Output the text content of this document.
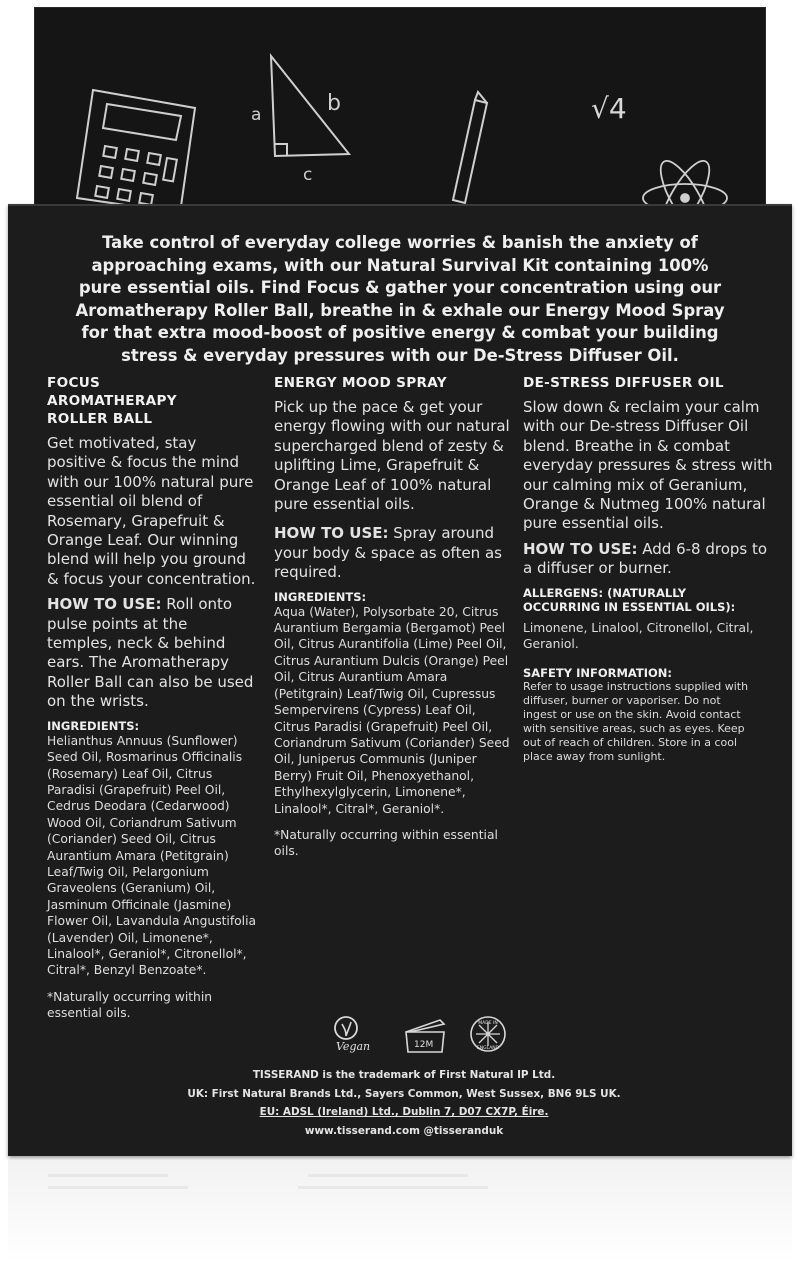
a	b
c
√4
Take control of everyday college worries & banish the anxiety of approaching exams, with our Natural Survival Kit containing 100% pure essential oils. Find Focus & gather your concentration using our Aromatherapy Roller Ball, breathe in & exhale our Energy Mood Spray for that extra mood-boost of positive energy & combat your building stress & everyday pressures with our De-Stress Diffuser Oil.
FOCUS
AROMATHERAPY
ROLLER BALL
Get motivated, stay positive & focus the mind with our 100% natural pure essential oil blend of Rosemary, Grapefruit & Orange Leaf. Our winning blend will help you ground & focus your concentration.
HOW TO USE: Roll onto pulse points at the temples, neck & behind ears. The Aromatherapy Roller Ball can also be used on the wrists.
INGREDIENTS:
Helianthus Annuus (Sunflower) Seed Oil, Rosmarinus Officinalis (Rosemary) Leaf Oil, Citrus Paradisi (Grapefruit) Peel Oil, Cedrus Deodara (Cedarwood) Wood Oil, Coriandrum Sativum (Coriander) Seed Oil, Citrus Aurantium Amara (Petitgrain) Leaf/Twig Oil, Pelargonium Graveolens (Geranium) Oil, Jasminum Officinale (Jasmine) Flower Oil, Lavandula Angustifolia (Lavender) Oil, Limonene*, Linalool*, Geraniol*, Citronellol*, Citral*, Benzyl Benzoate*.
*Naturally occurring within essential oils.
ENERGY MOOD SPRAY
Pick up the pace & get your energy flowing with our natural supercharged blend of zesty & uplifting Lime, Grapefruit & Orange Leaf of 100% natural pure essential oils.
HOW TO USE: Spray around your body & space as often as required.
INGREDIENTS:
Aqua (Water), Polysorbate 20, Citrus Aurantium Bergamia (Bergamot) Peel Oil, Citrus Aurantifolia (Lime) Peel Oil, Citrus Aurantium Dulcis (Orange) Peel Oil, Citrus Aurantium Amara (Petitgrain) Leaf/Twig Oil, Cupressus Sempervirens (Cypress) Leaf Oil, Citrus Paradisi (Grapefruit) Peel Oil, Coriandrum Sativum (Coriander) Seed Oil, Juniperus Communis (Juniper Berry) Fruit Oil, Phenoxyethanol, Ethylhexylglycerin, Limonene*, Linalool*, Citral*, Geraniol*.
*Naturally occurring within essential oils.
DE-STRESS DIFFUSER OIL
Slow down & reclaim your calm with our De-stress Diffuser Oil blend. Breathe in & combat everyday pressures & stress with our calming mix of Geranium, Orange & Nutmeg 100% natural pure essential oils.
HOW TO USE: Add 6-8 drops to a diffuser or burner.
ALLERGENS: (NATURALLY OCCURRING IN ESSENTIAL OILS):
Limonene, Linalool, Citronellol, Citral, Geraniol.
SAFETY INFORMATION:
Refer to usage instructions supplied with diffuser, burner or vaporiser. Do not ingest or use on the skin. Avoid contact with sensitive areas, such as eyes. Keep out of reach of children. Store in a cool place away from sunlight.
Vegan	12M
MADE IN
ENGLAND
TISSERAND is the trademark of First Natural IP Ltd.
UK: First Natural Brands Ltd., Sayers Common, West Sussex, BN6 9LS UK.
EU: ADSL (Ireland) Ltd., Dublin 7, D07 CX7P, Éire.
www.tisserand.com @tisseranduk
